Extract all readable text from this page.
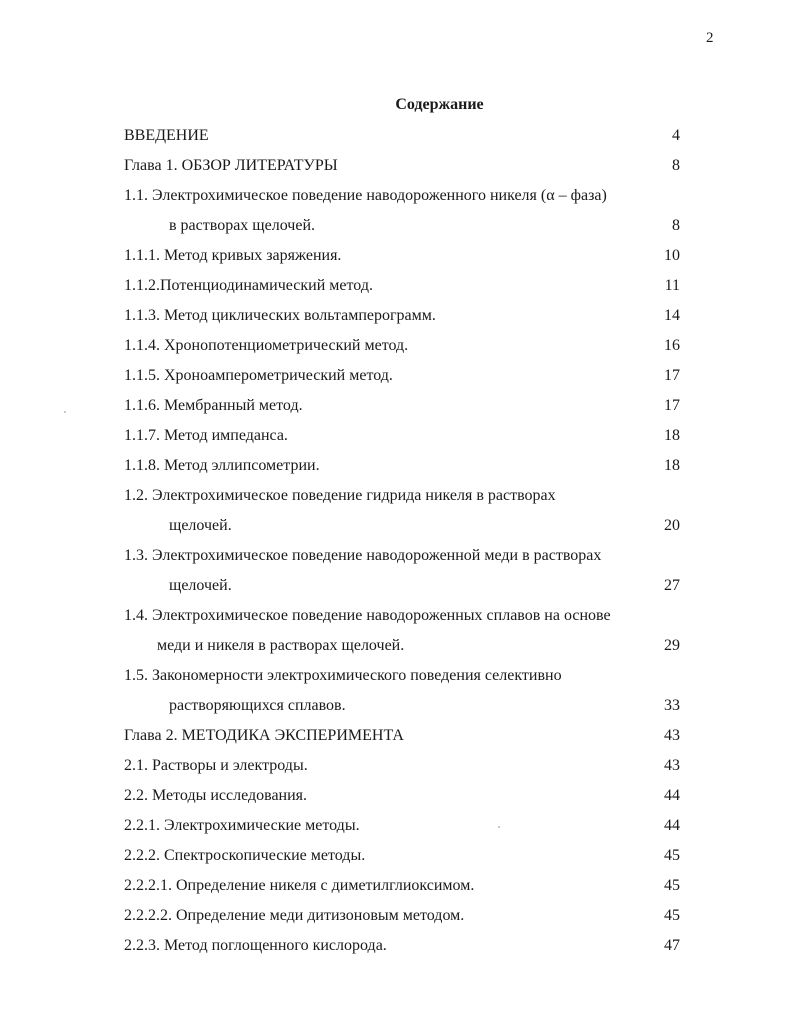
2
Содержание
ВВЕДЕНИЕ	4
Глава 1. ОБЗОР ЛИТЕРАТУРЫ	8
1.1. Электрохимическое поведение наводороженного никеля (α – фаза)
в растворах щелочей.	8
1.1.1. Метод кривых заряжения.	10
1.1.2.Потенциодинамический метод.	11
1.1.3. Метод циклических вольтамперограмм.	14
1.1.4. Хронопотенциометрический метод.	16
1.1.5. Хроноамперометрический метод.	17
1.1.6. Мембранный метод.	17
1.1.7. Метод импеданса.	18
1.1.8. Метод эллипсометрии.	18
1.2. Электрохимическое поведение гидрида никеля в растворах
щелочей.	20
1.3. Электрохимическое поведение наводороженной меди в растворах
щелочей.	27
1.4. Электрохимическое поведение наводороженных сплавов на основе
меди и никеля в растворах щелочей.	29
1.5. Закономерности электрохимического поведения селективно
растворяющихся сплавов.	33
Глава 2. МЕТОДИКА ЭКСПЕРИМЕНТА	43
2.1. Растворы и электроды.	43
2.2. Методы исследования.	44
2.2.1. Электрохимические методы.	44
2.2.2. Спектроскопические методы.	45
2.2.2.1. Определение никеля с диметилглиоксимом.	45
2.2.2.2. Определение меди дитизоновым методом.	45
2.2.3. Метод поглощенного кислорода.	47
